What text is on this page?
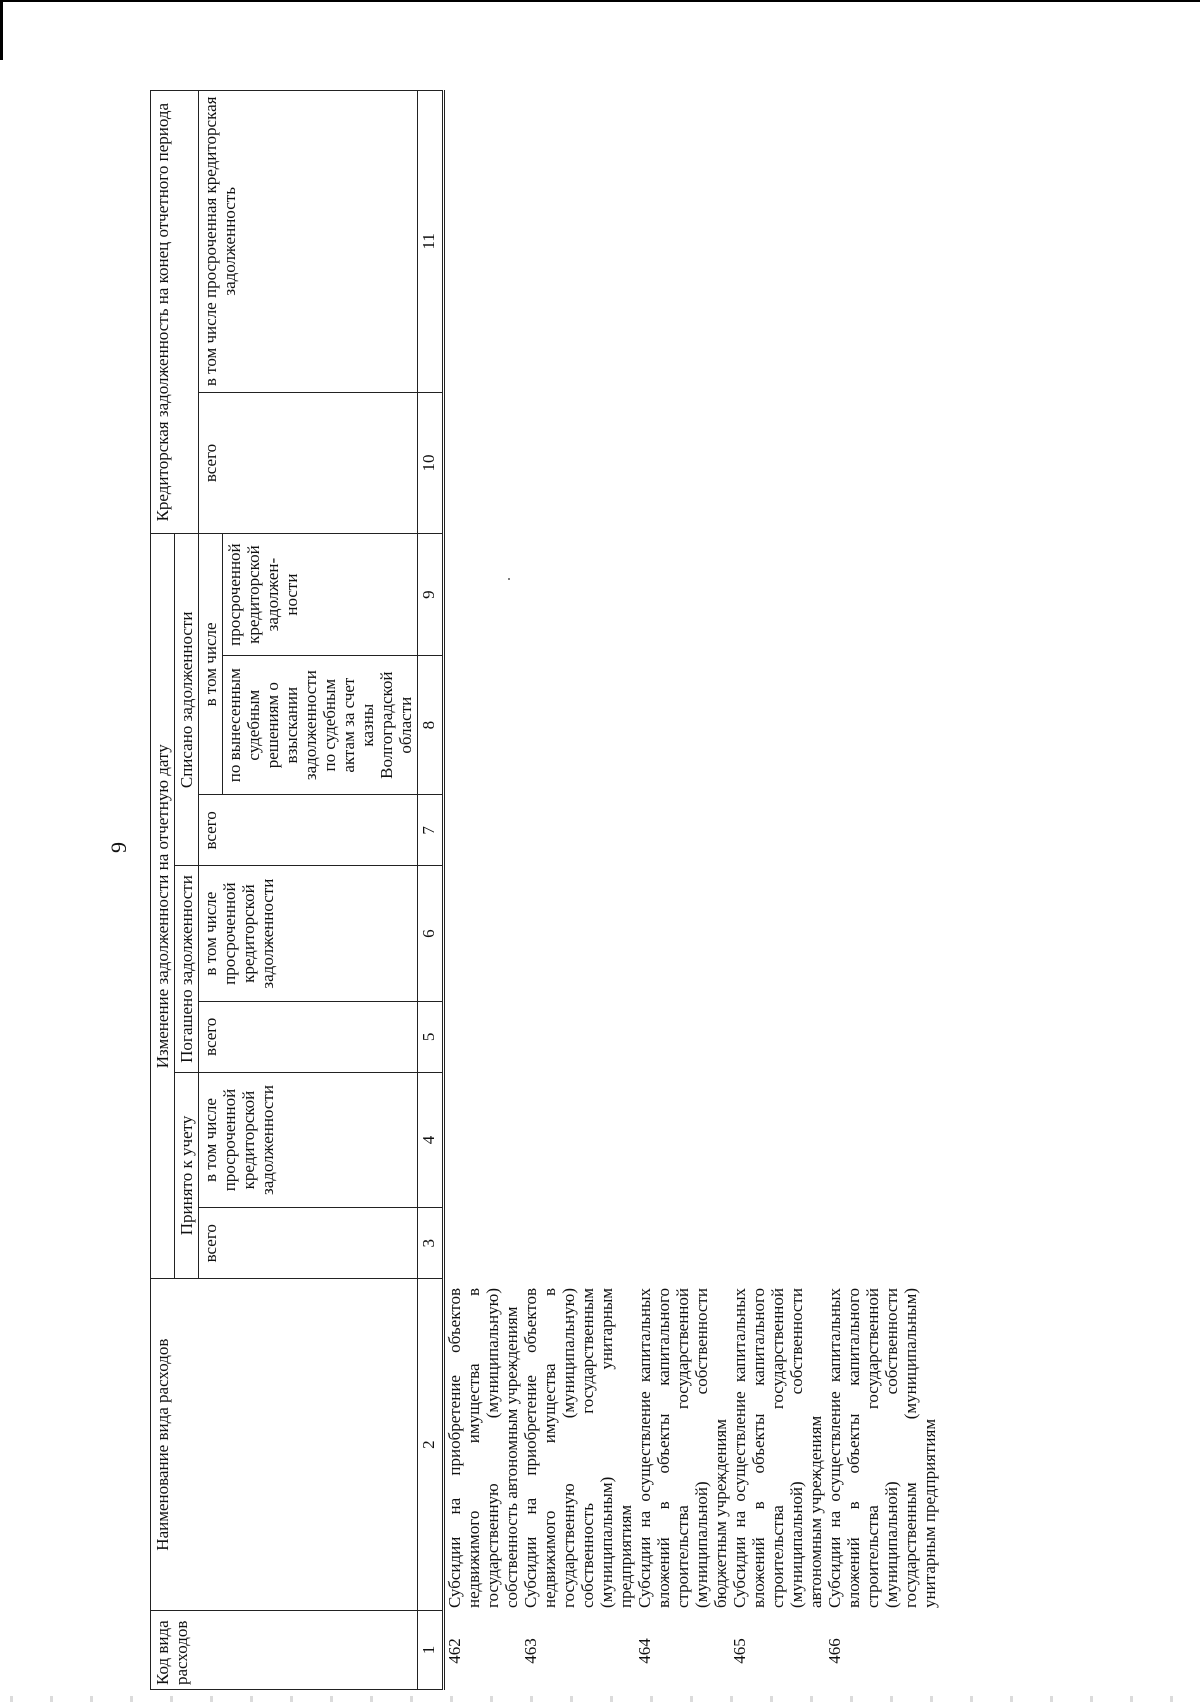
9
Код вида расходов	Наименование вида расходов	Изменение задолженности на отчетную дату							Кредиторская задолженность на конец отчетного периода	
		Принято к учету		Погашено задолженности		Списано задолженности				
		всего	в том числе просроченной кредиторской задолженности	всего	в том числе просроченной кредиторской задолженности	всего	в том числе		всего	в том числе просроченная кредиторская задолженность
							по вынесенным судебным решениям о взыскании задолженности по судебным актам за счет казны Волгоградской области	просроченной кредиторской задолжен-ности		
1	2	3	4	5	6	7	8	9	10	11
462	Субсидии на приобретение объектов недвижимого имущества в государственную (муниципальную) собственность автономным учреждениям	
463	Субсидии на приобретение объектов недвижимого имущества в государственную (муниципальную) собственность государственным (муниципальным) унитарным предприятиям	
464	Субсидии на осуществление капитальных вложений в объекты капитального строительства государственной (муниципальной) собственности бюджетным учреждениям	
465	Субсидии на осуществление капитальных вложений в объекты капитального строительства государственной (муниципальной) собственности автономным учреждениям	
466	Субсидии на осуществление капитальных вложений в объекты капитального строительства государственной (муниципальной) собственности государственным (муниципальным) унитарным предприятиям	
